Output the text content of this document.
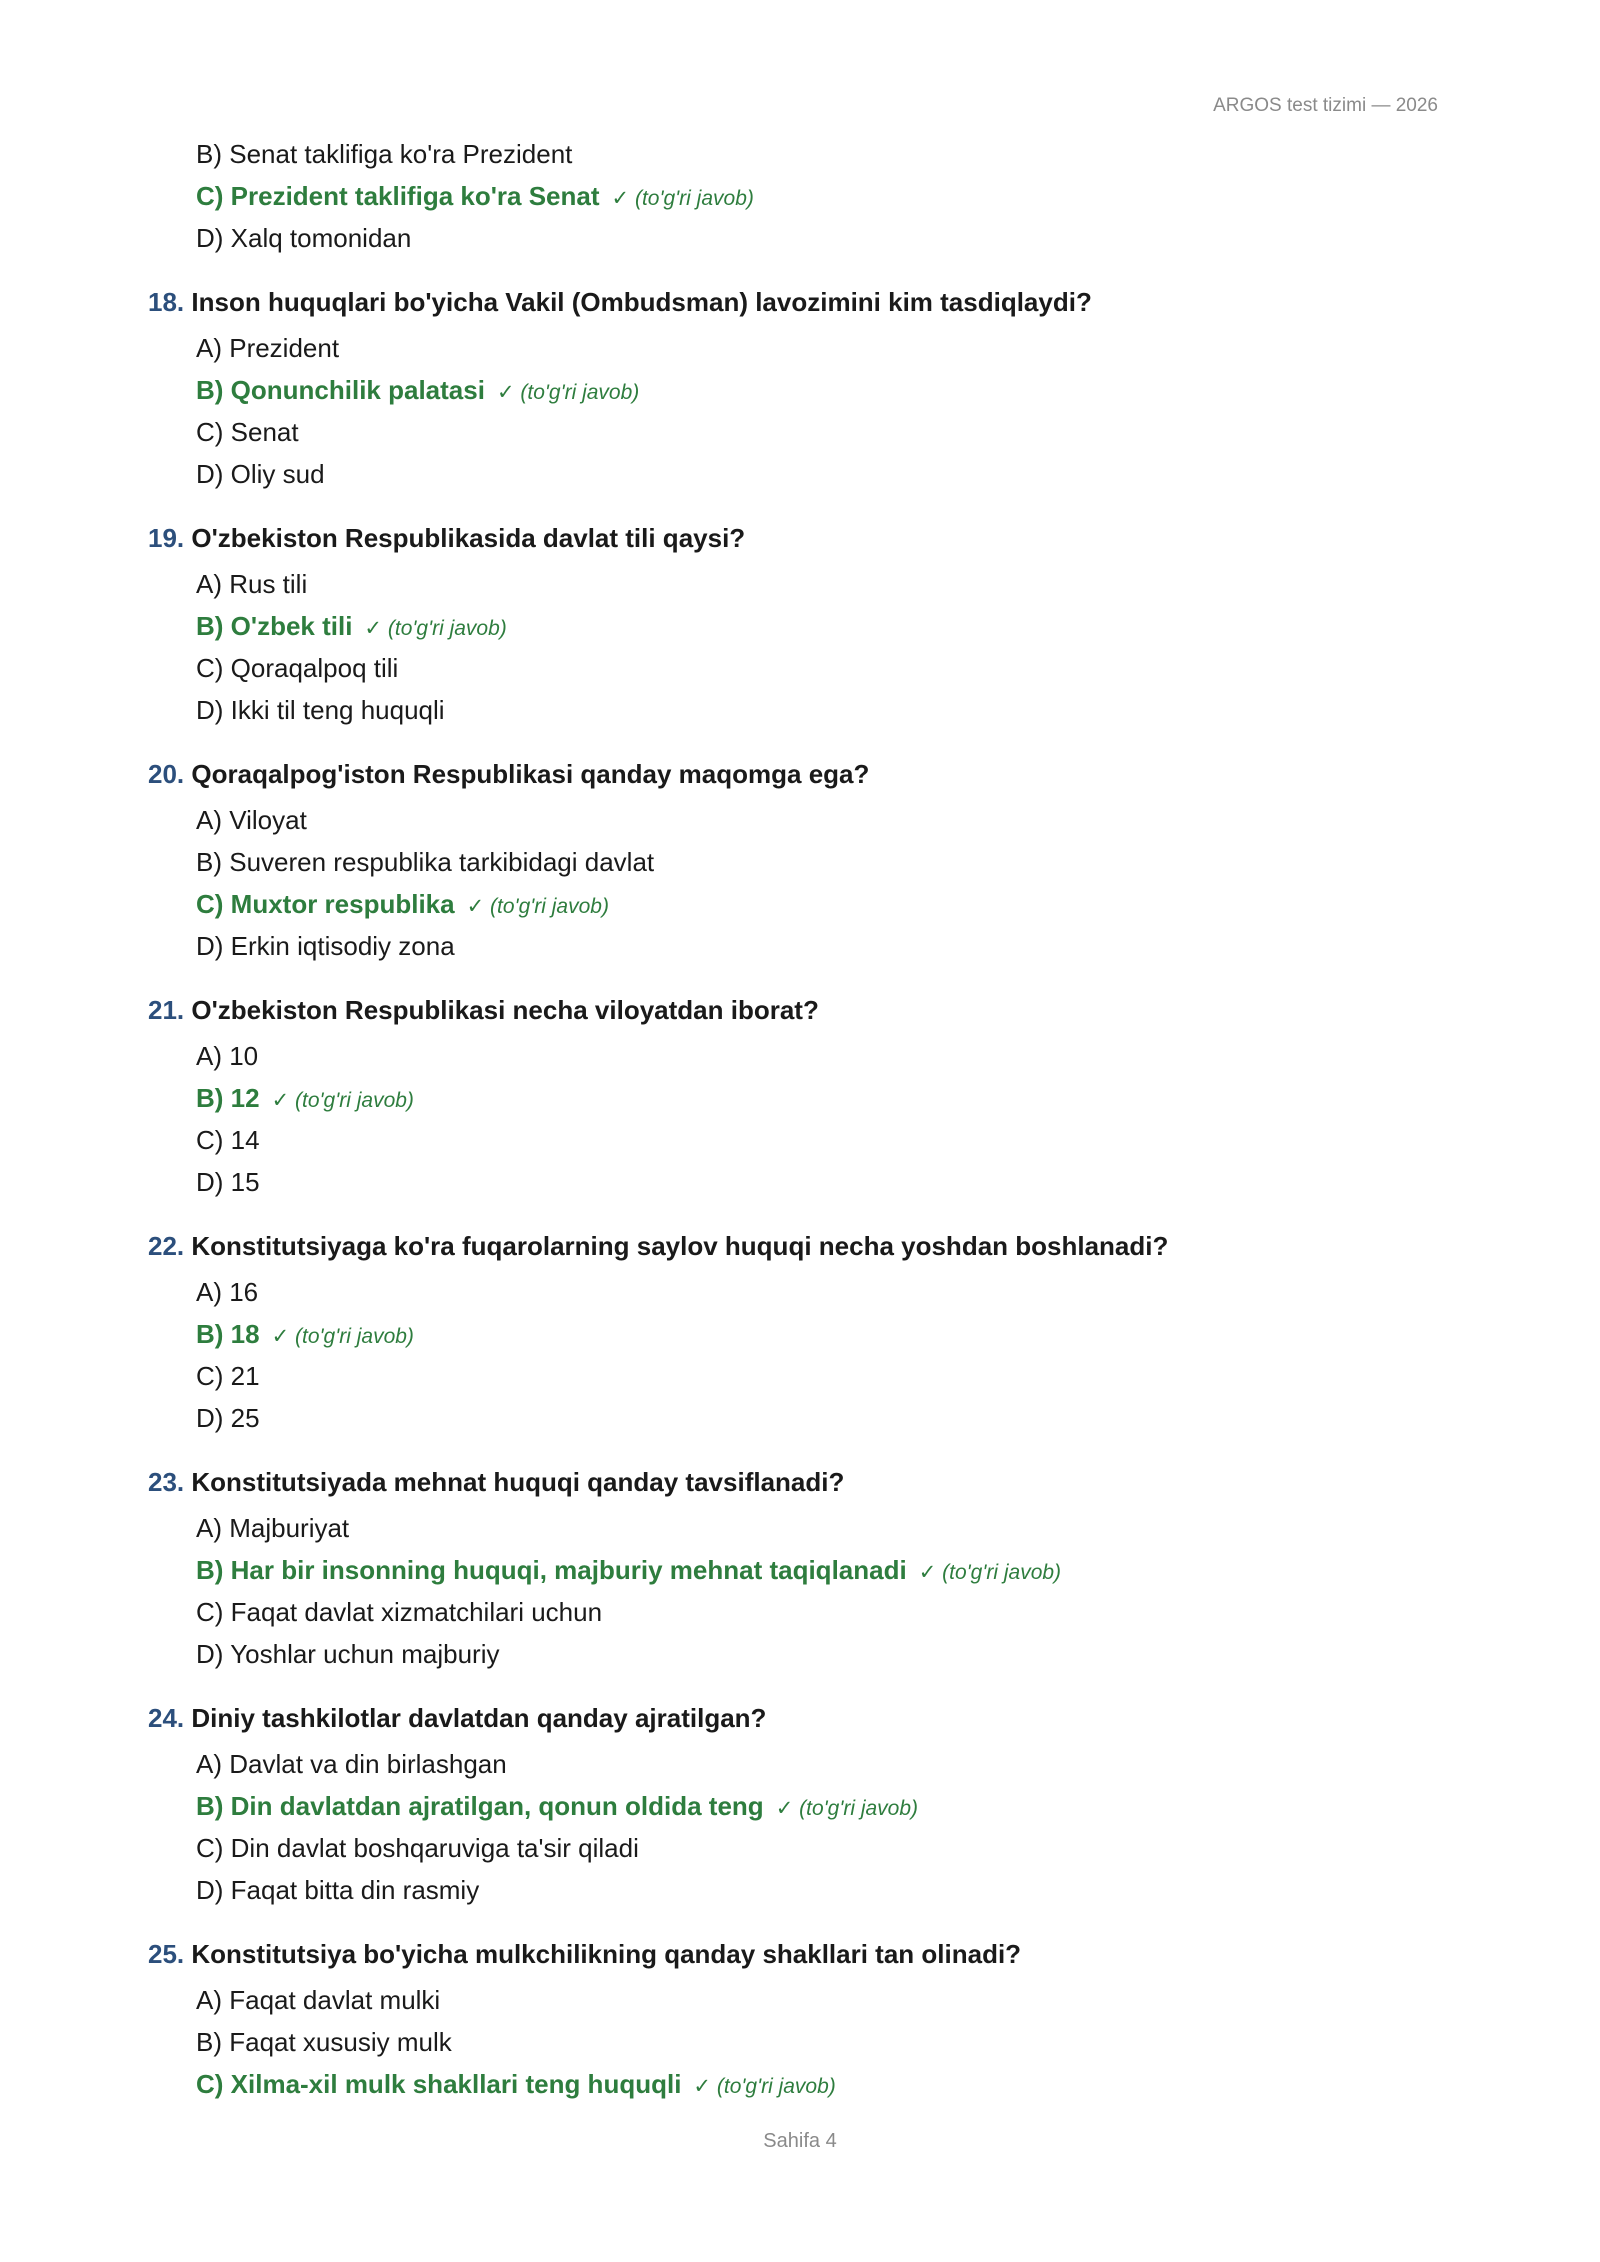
ARGOS test tizimi — 2026
B) Senat taklifiga ko'ra Prezident
C) Prezident taklifiga ko'ra Senat ✓ (to'g'ri javob)
D) Xalq tomonidan
18. Inson huquqlari bo'yicha Vakil (Ombudsman) lavozimini kim tasdiqlaydi?
A) Prezident
B) Qonunchilik palatasi ✓ (to'g'ri javob)
C) Senat
D) Oliy sud
19. O'zbekiston Respublikasida davlat tili qaysi?
A) Rus tili
B) O'zbek tili ✓ (to'g'ri javob)
C) Qoraqalpoq tili
D) Ikki til teng huquqli
20. Qoraqalpog'iston Respublikasi qanday maqomga ega?
A) Viloyat
B) Suveren respublika tarkibidagi davlat
C) Muxtor respublika ✓ (to'g'ri javob)
D) Erkin iqtisodiy zona
21. O'zbekiston Respublikasi necha viloyatdan iborat?
A) 10
B) 12 ✓ (to'g'ri javob)
C) 14
D) 15
22. Konstitutsiyaga ko'ra fuqarolarning saylov huquqi necha yoshdan boshlanadi?
A) 16
B) 18 ✓ (to'g'ri javob)
C) 21
D) 25
23. Konstitutsiyada mehnat huquqi qanday tavsiflanadi?
A) Majburiyat
B) Har bir insonning huquqi, majburiy mehnat taqiqlanadi ✓ (to'g'ri javob)
C) Faqat davlat xizmatchilari uchun
D) Yoshlar uchun majburiy
24. Diniy tashkilotlar davlatdan qanday ajratilgan?
A) Davlat va din birlashgan
B) Din davlatdan ajratilgan, qonun oldida teng ✓ (to'g'ri javob)
C) Din davlat boshqaruviga ta'sir qiladi
D) Faqat bitta din rasmiy
25. Konstitutsiya bo'yicha mulkchilikning qanday shakllari tan olinadi?
A) Faqat davlat mulki
B) Faqat xususiy mulk
C) Xilma-xil mulk shakllari teng huquqli ✓ (to'g'ri javob)
Sahifa 4
